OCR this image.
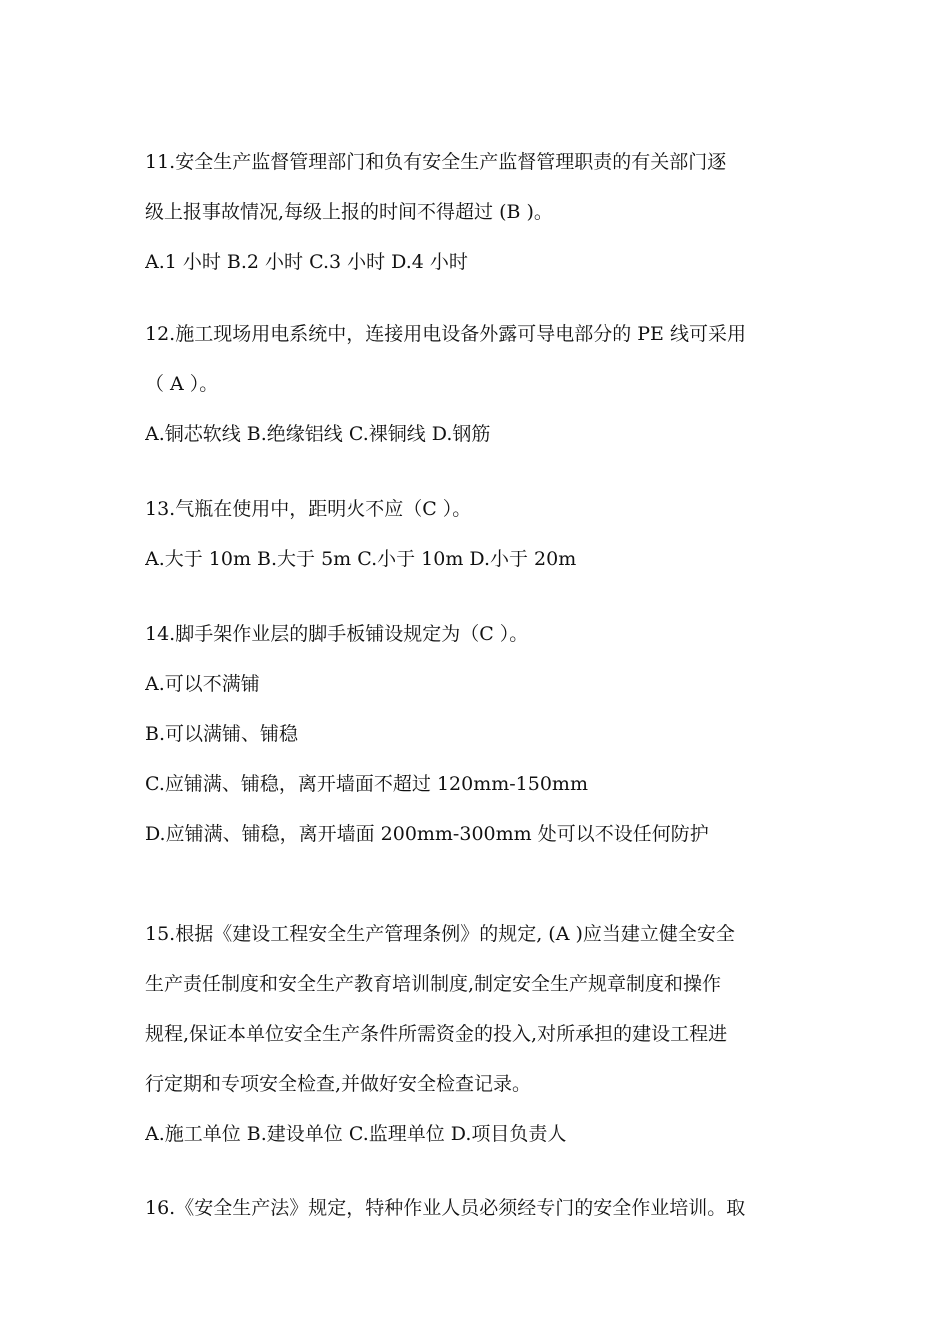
11.安全生产监督管理部门和负有安全生产监督管理职责的有关部门逐
级上报事故情况,每级上报的时间不得超过 (B )。
A.1 小时 B.2 小时 C.3 小时 D.4 小时
12.施工现场用电系统中，连接用电设备外露可导电部分的 PE 线可采用
（ A ）。
A.铜芯软线 B.绝缘铝线 C.裸铜线 D.钢筋
13.气瓶在使用中，距明火不应（C ）。
A.大于 10m B.大于 5m C.小于 10m D.小于 20m
14.脚手架作业层的脚手板铺设规定为（C ）。
A.可以不满铺
B.可以满铺、铺稳
C.应铺满、铺稳，离开墙面不超过 120mm-150mm
D.应铺满、铺稳，离开墙面 200mm-300mm 处可以不设任何防护
15.根据《建设工程安全生产管理条例》的规定, (A )应当建立健全安全
生产责任制度和安全生产教育培训制度,制定安全生产规章制度和操作
规程,保证本单位安全生产条件所需资金的投入,对所承担的建设工程进
行定期和专项安全检查,并做好安全检查记录。
A.施工单位 B.建设单位 C.监理单位 D.项目负责人
16.《安全生产法》规定，特种作业人员必须经专门的安全作业培训。取
